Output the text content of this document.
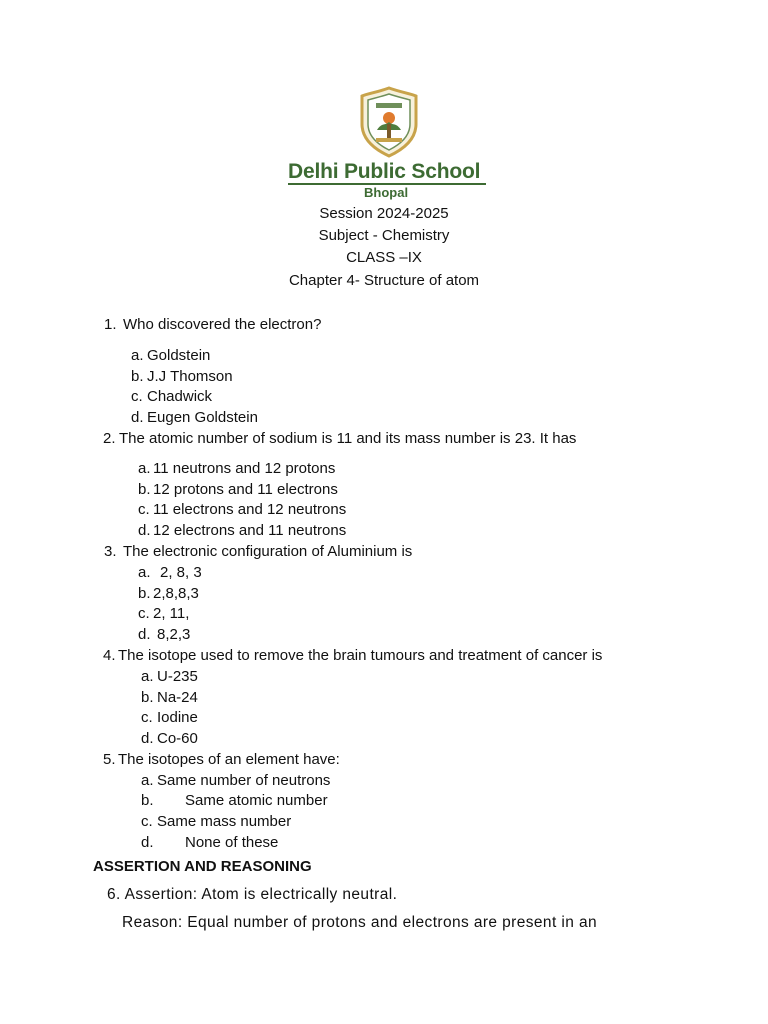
Delhi Public School
Bhopal
Session 2024-2025
Subject - Chemistry
CLASS –IX
Chapter 4- Structure of atom
1. Who discovered the electron?
a. Goldstein
b. J.J Thomson
c. Chadwick
d. Eugen Goldstein
2. The atomic number of sodium is 11 and its mass number is 23. It has
a. 11 neutrons and 12 protons
b. 12 protons and 11 electrons
c. 11 electrons and 12 neutrons
d. 12 electrons and 11 neutrons
3. The electronic configuration of Aluminium is
a. 2, 8, 3
b. 2,8,8,3
c. 2, 11,
d. 8,2,3
4. The isotope used to remove the brain tumours and treatment of cancer is
a. U-235
b. Na-24
c. Iodine
d. Co-60
5. The isotopes of an element have:
a. Same number of neutrons
b. Same atomic number
c. Same mass number
d. None of these
ASSERTION AND REASONING
6. Assertion: Atom is electrically neutral.
Reason: Equal number of protons and electrons are present in an
